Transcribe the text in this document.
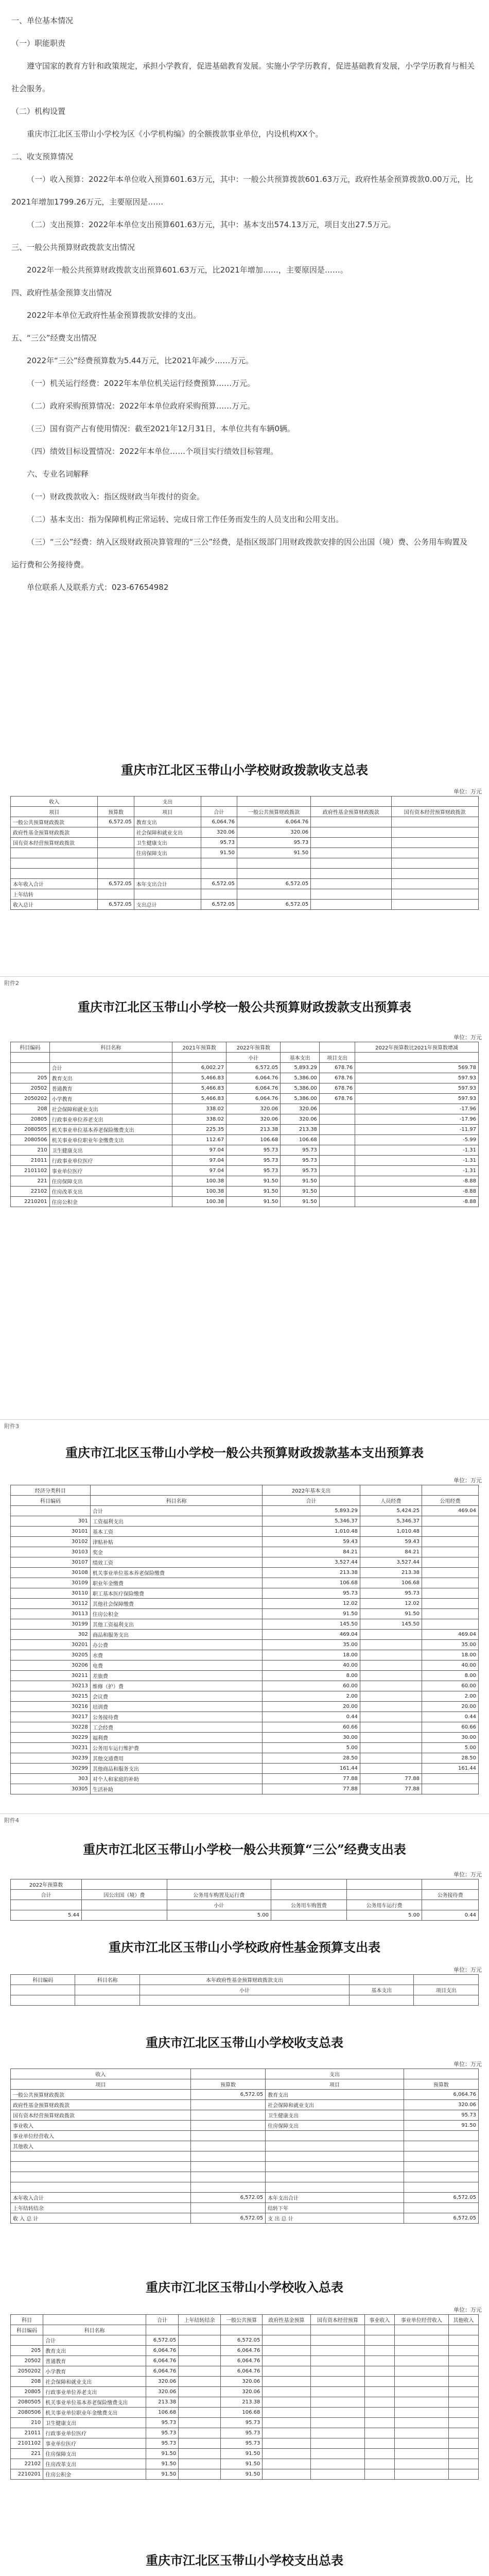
一、单位基本情况

（一）职能职责

遵守国家的教育方针和政策规定，承担小学教育，促进基础教育发展。实施小学学历教育，促进基础教育发展，小学学历教育与相关社会服务。

（二）机构设置

重庆市江北区玉带山小学校为区《小学机构编》的全额拨款事业单位，内设机构XX个。

二、收支预算情况

（一）收入预算：2022年本单位收入预算601.63万元，其中：一般公共预算拨款601.63万元，政府性基金预算拨款0.00万元，比2021年增加1799.26万元，主要原因是……

（二）支出预算：2022年本单位支出预算601.63万元，其中：基本支出574.13万元，项目支出27.5万元。

三、一般公共预算财政拨款支出情况

2022年一般公共预算财政拨款支出预算601.63万元，比2021年增加……，主要原因是……。

四、政府性基金预算支出情况

2022年本单位无政府性基金预算拨款安排的支出。

五、“三公”经费支出情况

2022年“三公”经费预算数为5.44万元，比2021年减少……万元。

（一）机关运行经费：2022年本单位机关运行经费预算……万元。

（二）政府采购预算情况：2022年本单位政府采购预算……万元。

（三）国有资产占有使用情况：截至2021年12月31日，本单位共有车辆0辆。

（四）绩效目标设置情况：2022年本单位……个项目实行绩效目标管理。

六、专业名词解释

（一）财政拨款收入：指区级财政当年拨付的资金。

（二）基本支出：指为保障机构正常运转、完成日常工作任务而发生的人员支出和公用支出。

（三）“三公”经费：纳入区级财政预决算管理的“三公”经费，是指区级部门用财政拨款安排的因公出国（境）费、公务用车购置及运行费和公务接待费。

单位联系人及联系方式：023-67654982

重庆市江北区玉带山小学校财政拨款收支总表
单位：万元
收入		支出				
项目	预算数	项目	合计	一般公共预算财政拨款	政府性基金预算财政拨款	国有资本经营预算财政拨款
一般公共预算财政拨款	6,572.05	教育支出	6,064.76	6,064.76		
政府性基金预算财政拨款		社会保障和就业支出	320.06	320.06		
国有资本经营预算财政拨款		卫生健康支出	95.73	95.73		
		住房保障支出	91.50	91.50		

本年收入合计	6,572.05	本年支出合计	6,572.05	6,572.05		
上年结转						
收入总计	6,572.05	支出总计	6,572.05	6,572.05		
附件2
重庆市江北区玉带山小学校一般公共预算财政拨款支出预算表
单位：万元
科目编码	科目名称	2021年预算数	2022年预算数			2022年预算数比2021年预算数增减
			小计	基本支出	项目支出	
	合计	6,002.27	6,572.05	5,893.29	678.76	569.78
205	教育支出	5,466.83	6,064.76	5,386.00	678.76	597.93
20502	普通教育	5,466.83	6,064.76	5,386.00	678.76	597.93
2050202	小学教育	5,466.83	6,064.76	5,386.00	678.76	597.93
208	社会保障和就业支出	338.02	320.06	320.06		-17.96
20805	行政事业单位养老支出	338.02	320.06	320.06		-17.96
2080505	机关事业单位基本养老保险缴费支出	225.35	213.38	213.38		-11.97
2080506	机关事业单位职业年金缴费支出	112.67	106.68	106.68		-5.99
210	卫生健康支出	97.04	95.73	95.73		-1.31
21011	行政事业单位医疗	97.04	95.73	95.73		-1.31
2101102	事业单位医疗	97.04	95.73	95.73		-1.31
221	住房保障支出	100.38	91.50	91.50		-8.88
22102	住房改革支出	100.38	91.50	91.50		-8.88
2210201	住房公积金	100.38	91.50	91.50		-8.88
附件3
重庆市江北区玉带山小学校一般公共预算财政拨款基本支出预算表
单位：万元
经济分类科目		2022年基本支出		
科目编码	科目名称	合计	人员经费	公用经费
	合计	5,893.29	5,424.25	469.04
301	工资福利支出	5,346.37	5,346.37	
30101	基本工资	1,010.48	1,010.48	
30102	津贴补贴	59.43	59.43	
30103	奖金	84.21	84.21	
30107	绩效工资	3,527.44	3,527.44	
30108	机关事业单位基本养老保险缴费	213.38	213.38	
30109	职业年金缴费	106.68	106.68	
30110	职工基本医疗保险缴费	95.73	95.73	
30112	其他社会保障缴费	12.02	12.02	
30113	住房公积金	91.50	91.50	
30199	其他工资福利支出	145.50	145.50	
302	商品和服务支出	469.04		469.04
30201	办公费	35.00		35.00
30205	水费	18.00		18.00
30206	电费	40.00		40.00
30211	差旅费	8.00		8.00
30213	维修（护）费	60.00		60.00
30215	会议费	2.00		2.00
30216	培训费	20.00		20.00
30217	公务接待费	0.44		0.44
30228	工会经费	60.66		60.66
30229	福利费	30.00		30.00
30231	公务用车运行维护费	5.00		5.00
30239	其他交通费用	28.50		28.50
30299	其他商品和服务支出	161.44		161.44
303	对个人和家庭的补助	77.88	77.88	
30305	生活补助	77.88	77.88	
附件4
重庆市江北区玉带山小学校一般公共预算“三公”经费支出表
单位：万元
2022年预算数					
合计	因公出国（境）费	公务用车购置及运行费			公务接待费
		小计	公务用车购置费	公务用车运行费	
5.44		5.00		5.00	0.44
重庆市江北区玉带山小学校政府性基金预算支出表
单位：万元
科目编码	科目名称	本年政府性基金预算财政拨款支出		
		小计	基本支出	项目支出

重庆市江北区玉带山小学校收支总表
单位：万元
收入		支出	
项目	预算数	项目	预算数
一般公共预算财政拨款	6,572.05	教育支出	6,064.76
政府性基金预算财政拨款		社会保障和就业支出	320.06
国有资本经营预算财政拨款		卫生健康支出	95.73
事业收入		住房保障支出	91.50
事业单位经营收入			
其他收入			

本年收入合计	6,572.05	本年支出合计	6,572.05
上年结转结余		结转下年	
收 入 总 计	6,572.05	支 出 总 计	6,572.05
重庆市江北区玉带山小学校收入总表
单位：万元
科目		合计	上年结转结余	一般公共预算	政府性基金预算	国有资本经营预算	事业收入	事业单位经营收入	其他收入
科目编码	科目名称								
	合计	6,572.05		6,572.05					
205	教育支出	6,064.76		6,064.76					
20502	普通教育	6,064.76		6,064.76					
2050202	小学教育	6,064.76		6,064.76					
208	社会保障和就业支出	320.06		320.06					
20805	行政事业单位养老支出	320.06		320.06					
2080505	机关事业单位基本养老保险缴费支出	213.38		213.38					
2080506	机关事业单位职业年金缴费支出	106.68		106.68					
210	卫生健康支出	95.73		95.73					
21011	行政事业单位医疗	95.73		95.73					
2101102	事业单位医疗	95.73		95.73					
221	住房保障支出	91.50		91.50					
22102	住房改革支出	91.50		91.50					
2210201	住房公积金	91.50		91.50					
重庆市江北区玉带山小学校支出总表
